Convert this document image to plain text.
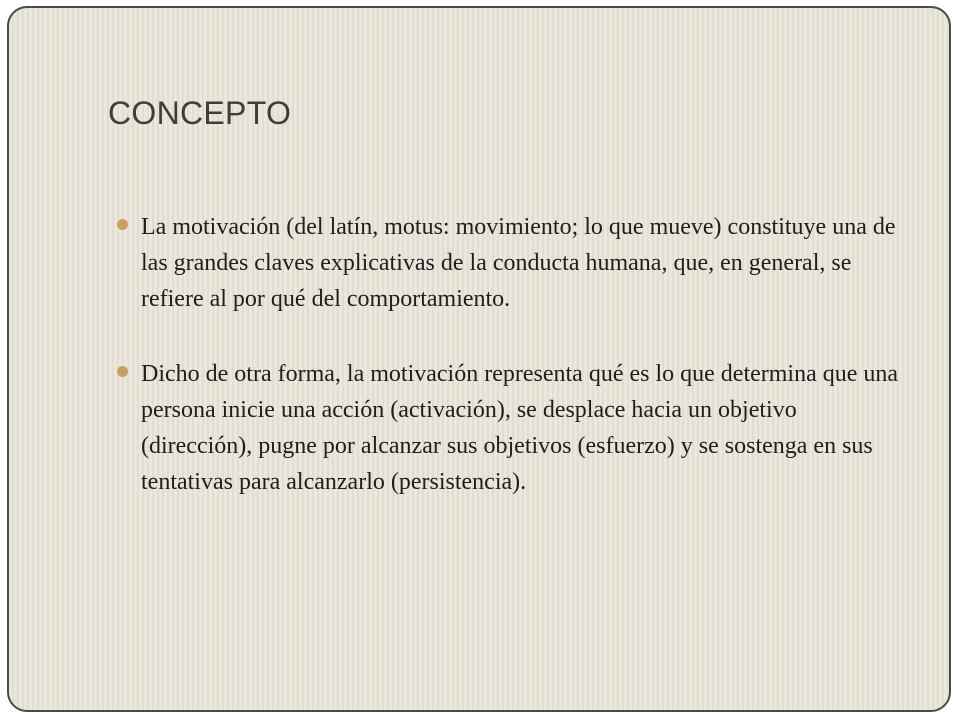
CONCEPTO
La motivación (del latín, motus: movimiento; lo que mueve) constituye una de las grandes claves explicativas de la conducta humana, que, en general, se refiere al por qué del comportamiento.
Dicho de otra forma, la motivación representa qué es lo que determina que una persona inicie una acción (activación), se desplace hacia un objetivo (dirección), pugne por alcanzar sus objetivos (esfuerzo) y se sostenga en sus tentativas para alcanzarlo (persistencia).
